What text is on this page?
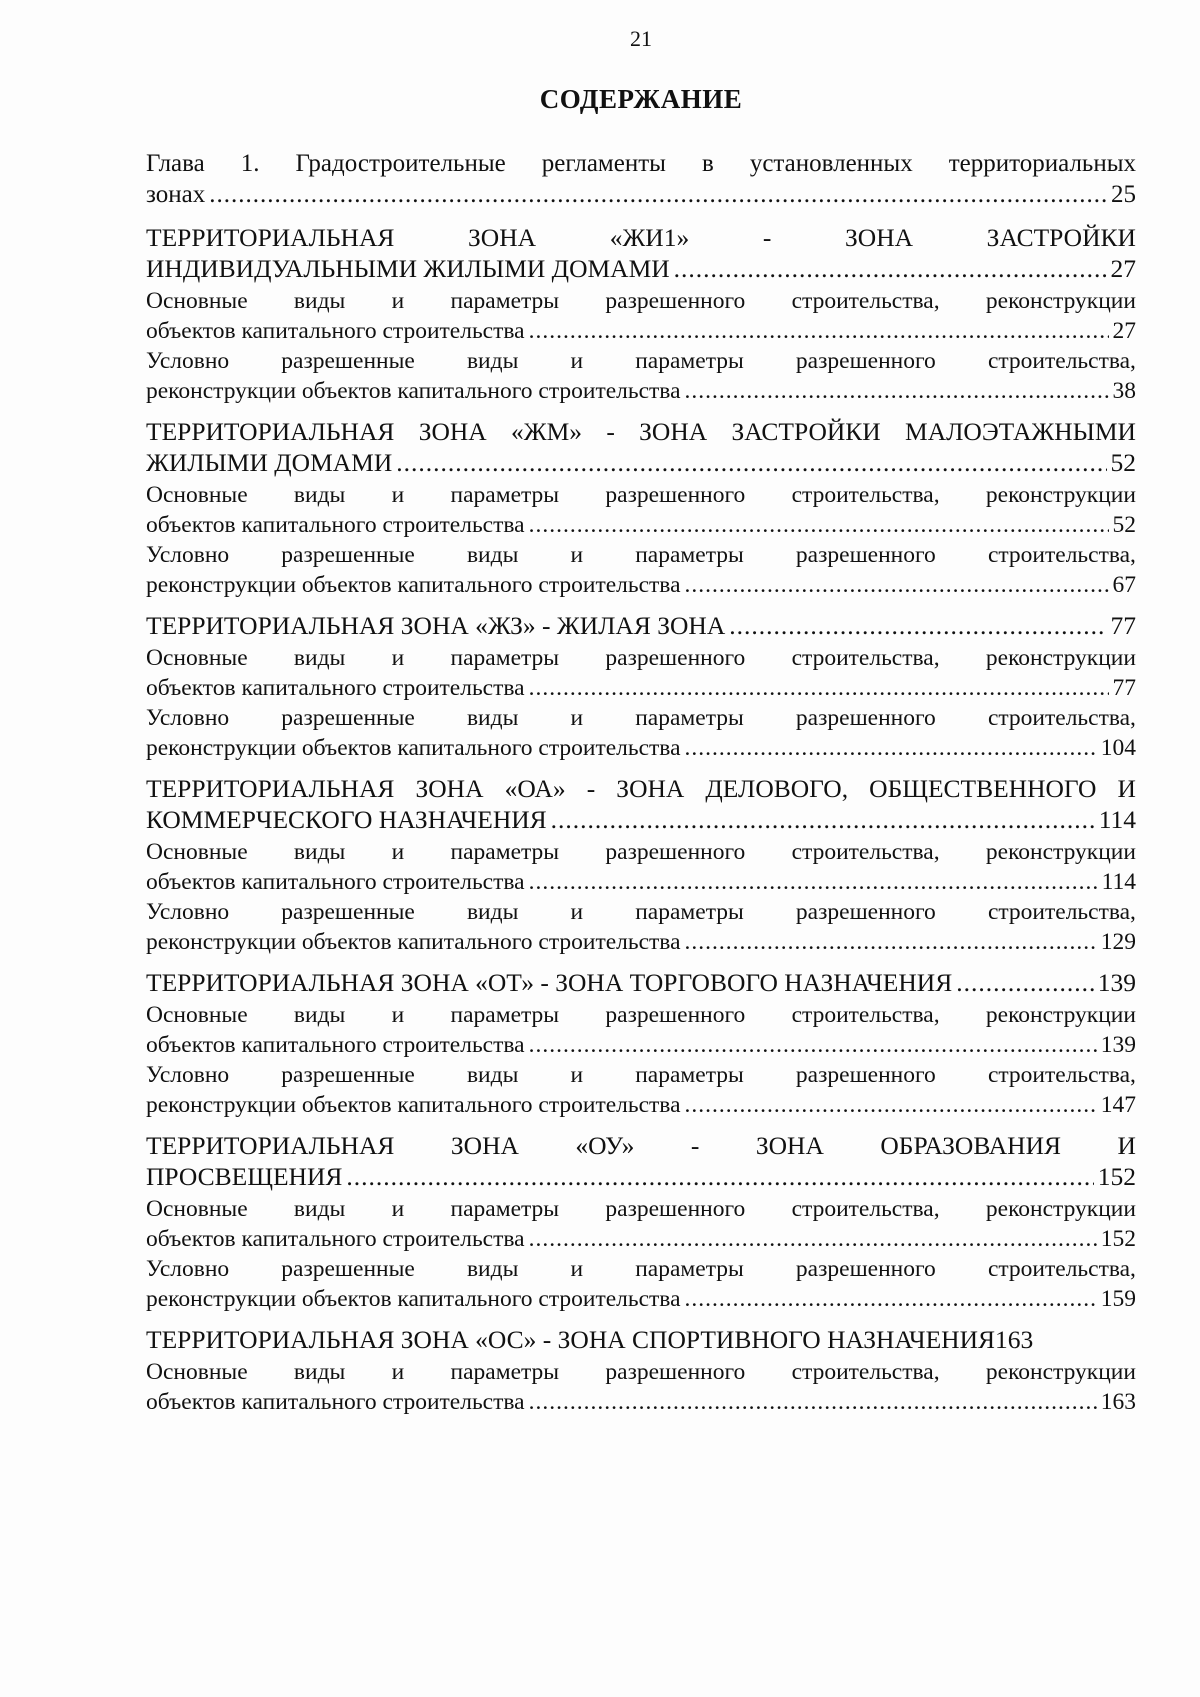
21
СОДЕРЖАНИЕ
Глава 1. Градостроительные регламенты в установленных территориальных
зонах .....	25
ТЕРРИТОРИАЛЬНАЯ	ЗОНА	«ЖИ1»	-	ЗОНА	ЗАСТРОЙКИ
ИНДИВИДУАЛЬНЫМИ ЖИЛЫМИ ДОМАМИ .....	27
Основные виды и параметры разрешенного строительства, реконструкции
объектов капитального строительства .....	27
Условно разрешенные виды и параметры разрешенного строительства,
реконструкции объектов капитального строительства .....	38
ТЕРРИТОРИАЛЬНАЯ ЗОНА «ЖМ» - ЗОНА ЗАСТРОЙКИ МАЛОЭТАЖНЫМИ
ЖИЛЫМИ ДОМАМИ .....	52
Основные виды и параметры разрешенного строительства, реконструкции
объектов капитального строительства .....	52
Условно разрешенные виды и параметры разрешенного строительства,
реконструкции объектов капитального строительства .....	67
ТЕРРИТОРИАЛЬНАЯ ЗОНА «ЖЗ» - ЖИЛАЯ ЗОНА .....	77
Основные виды и параметры разрешенного строительства, реконструкции
объектов капитального строительства .....	77
Условно разрешенные виды и параметры разрешенного строительства,
реконструкции объектов капитального строительства .....	104
ТЕРРИТОРИАЛЬНАЯ ЗОНА «ОА» - ЗОНА ДЕЛОВОГО, ОБЩЕСТВЕННОГО И
КОММЕРЧЕСКОГО НАЗНАЧЕНИЯ .....	114
Основные виды и параметры разрешенного строительства, реконструкции
объектов капитального строительства .....	114
Условно разрешенные виды и параметры разрешенного строительства,
реконструкции объектов капитального строительства .....	129
ТЕРРИТОРИАЛЬНАЯ ЗОНА «ОТ» - ЗОНА ТОРГОВОГО НАЗНАЧЕНИЯ .....	139
Основные виды и параметры разрешенного строительства, реконструкции
объектов капитального строительства .....	139
Условно разрешенные виды и параметры разрешенного строительства,
реконструкции объектов капитального строительства .....	147
ТЕРРИТОРИАЛЬНАЯ ЗОНА «ОУ» - ЗОНА ОБРАЗОВАНИЯ И
ПРОСВЕЩЕНИЯ .....	152
Основные виды и параметры разрешенного строительства, реконструкции
объектов капитального строительства .....	152
Условно разрешенные виды и параметры разрешенного строительства,
реконструкции объектов капитального строительства .....	159
ТЕРРИТОРИАЛЬНАЯ ЗОНА «ОС» - ЗОНА СПОРТИВНОГО НАЗНАЧЕНИЯ 163
Основные виды и параметры разрешенного строительства, реконструкции
объектов капитального строительства .....	163
